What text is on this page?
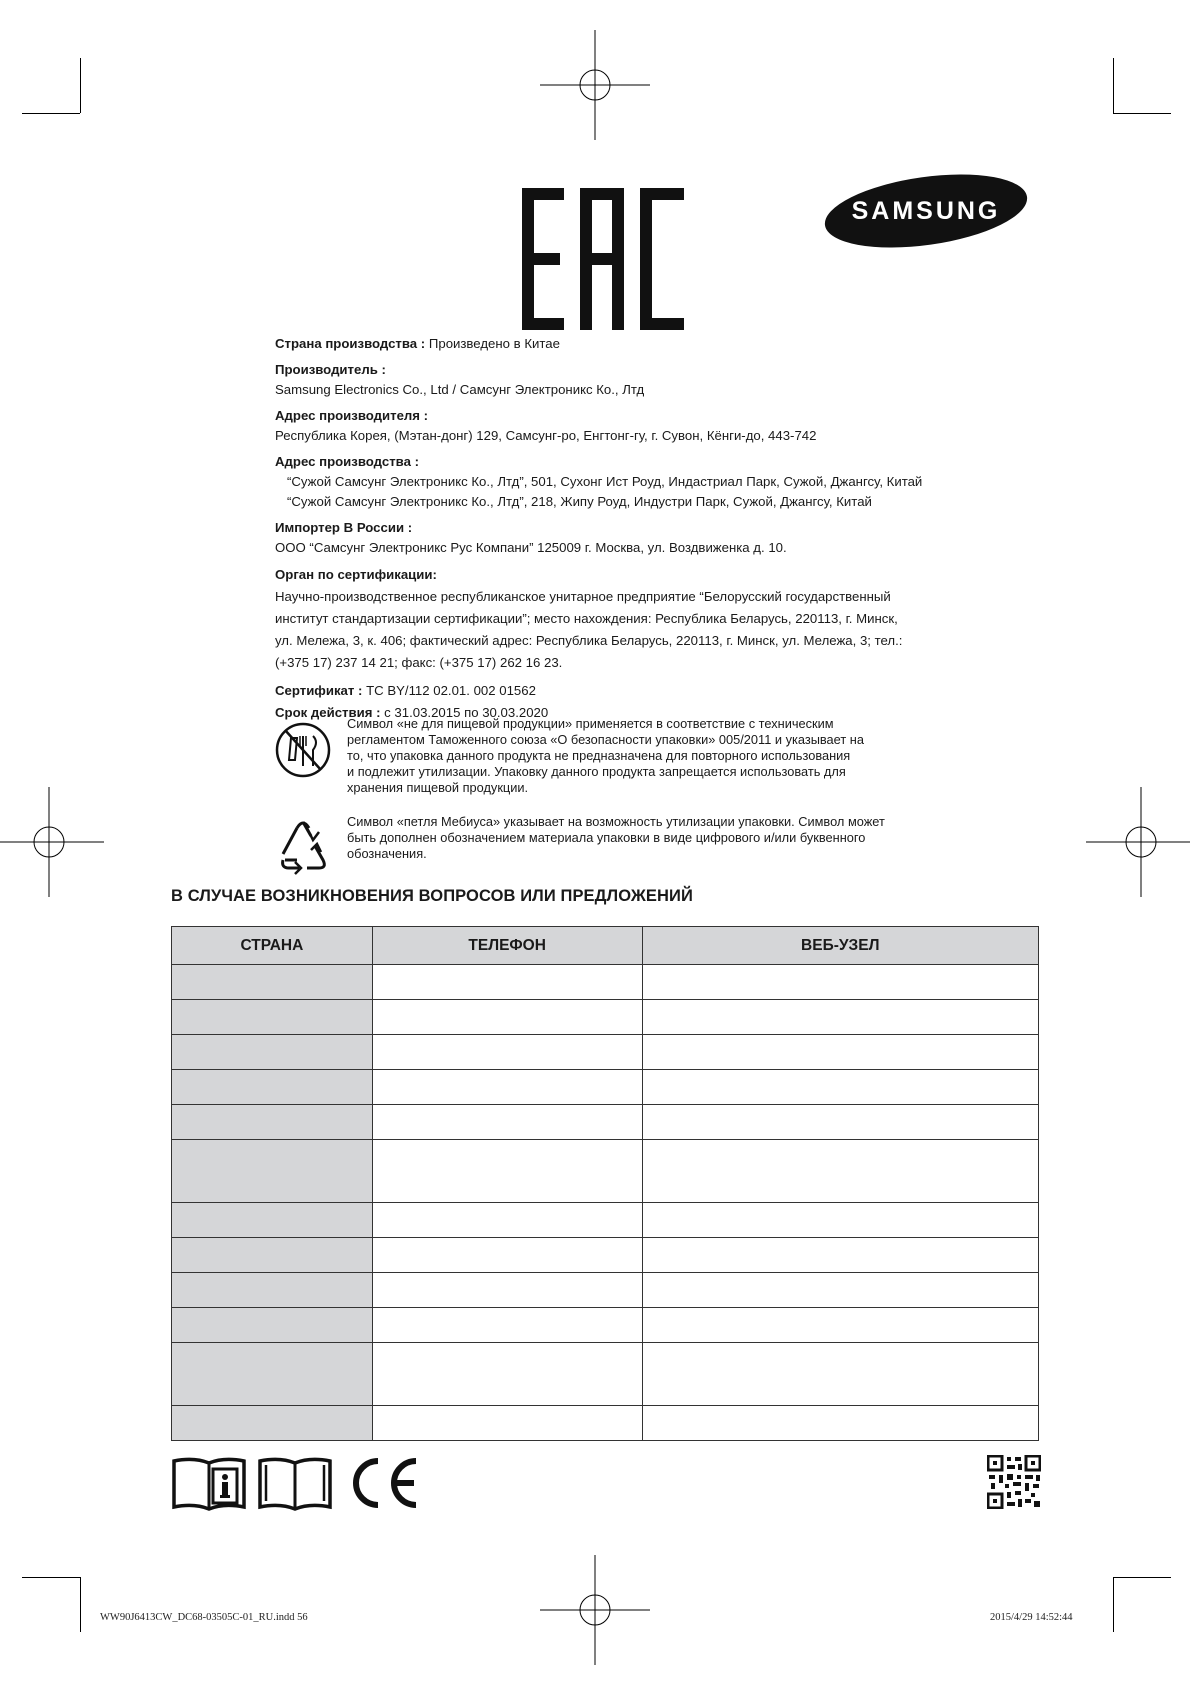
SAMSUNG
Страна производства : Произведено в Китае
Производитель :
Samsung Electronics Co., Ltd / Самсунг Электроникс Ко., Лтд
Адрес производителя :
Республика Корея, (Мэтан-донг) 129, Самсунг-ро, Енгтонг-гу, г. Сувон, Кёнги-до, 443-742
Адрес производства :
“Сужой Самсунг Электроникс Ко., Лтд”, 501, Сухонг Ист Роуд, Индастриал Парк, Сужой, Джангсу, Китай
“Сужой Самсунг Электроникс Ко., Лтд”, 218, Жипу Роуд, Индустри Парк, Сужой, Джангсу, Китай
Импортер В России :
ООО “Самсунг Электроникс Рус Компани” 125009 г. Москва, ул. Воздвиженка д. 10.
Орган по сертификации:
Научно-производственное республиканское унитарное предприятие “Белорусский государственный
институт стандартизации сертификации”; место нахождения: Республика Беларусь, 220113, г. Минск,
ул. Мележа, 3, к. 406; фактический адрес: Республика Беларусь, 220113, г. Минск, ул. Мележа, 3; тел.:
(+375 17) 237 14 21; факс: (+375 17) 262 16 23.
Сертификат : ТС BY/112 02.01. 002 01562
Срок действия : с 31.03.2015 по 30.03.2020
Символ «не для пищевой продукции» применяется в соответствие с техническим
регламентом Таможенного союза «О безопасности упаковки» 005/2011 и указывает на
то, что упаковка данного продукта не предназначена для повторного использования
и подлежит утилизации. Упаковку данного продукта запрещается использовать для
хранения пищевой продукции.
Символ «петля Мебиуса» указывает на возможность утилизации упаковки. Символ может
быть дополнен обозначением материала упаковки в виде цифрового и/или буквенного
обозначения.
В СЛУЧАЕ ВОЗНИКНОВЕНИЯ ВОПРОСОВ ИЛИ ПРЕДЛОЖЕНИЙ
СТРАНА	ТЕЛЕФОН	ВЕБ-УЗЕЛ

WW90J6413CW_DC68-03505C-01_RU.indd 56	2015/4/29 14:52:44
